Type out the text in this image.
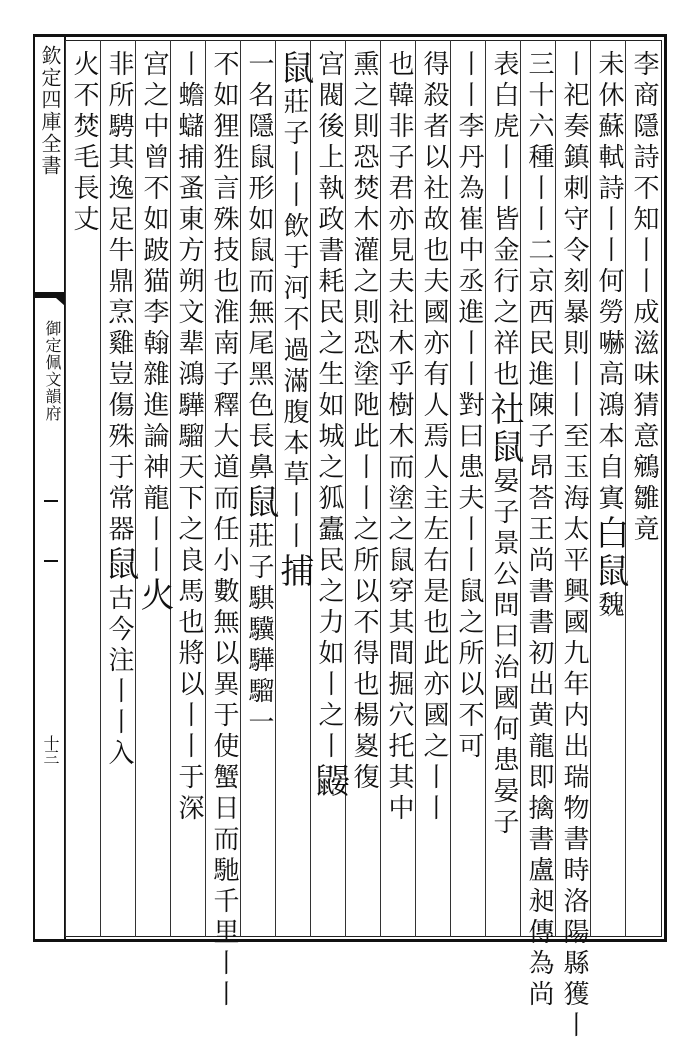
欽定四庫全書
御定佩文韻府
十三
李商隱詩不知丨丨成滋味猜意鵷雛竟
未休蘇軾詩丨丨何勞嚇高鴻本自寘白鼠魏
丨祀奏鎮刺守令刻暴則丨丨至玉海太平興國九年内出瑞物書時洛陽縣獲丨
三十六種丨丨二京西民進陳子昂荅王尚書書初出黄龍即擒書盧昶傳為尚
表白虎丨丨皆金行之祥也社鼠晏子景公問曰治國何患晏子
丨丨李丹為崔中丞進丨丨對曰患夫丨丨鼠之所以不可
得殺者以社故也夫國亦有人焉人主左右是也此亦國之丨丨
也韓非子君亦見夫社木乎樹木而塗之鼠穿其間掘穴托其中
熏之則恐焚木灌之則恐塗阤此丨丨之所以不得也楊嵏復
宫閥後上執政書耗民之生如城之狐蠹民之力如丨之丨鼹
鼠莊子丨丨飲于河不過滿腹本草丨丨捕
一名隱鼠形如鼠而無尾黑色長鼻鼠莊子騏驥驊騮一
不如狸狌言殊技也淮南子釋大道而任小數無以異于使蟹日而馳千里丨丨
丨蟾蠩捕蚤東方朔文辈鴻驊騮天下之良馬也將以丨丨于深
宫之中曾不如跛猫李翰雜進論神龍丨丨火
非所騁其逸足牛鼎烹雞豈傷殊于常器鼠古今注丨丨入
火不焚毛長丈
